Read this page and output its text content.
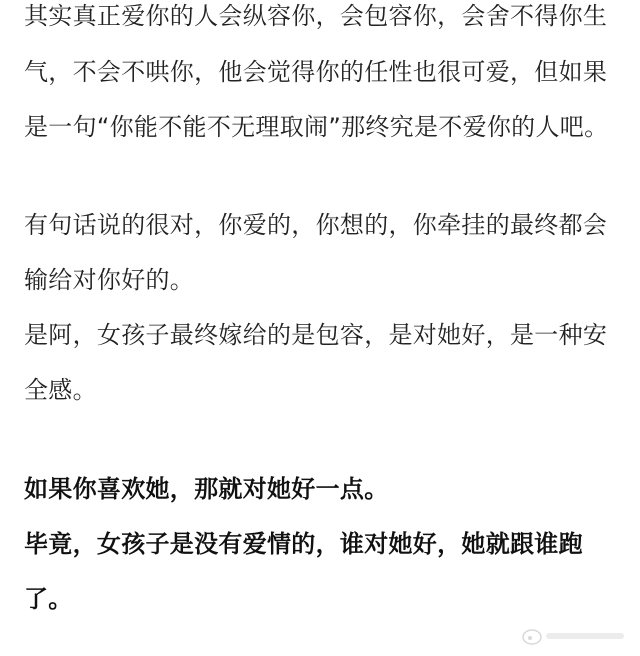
其实真正爱你的人会纵容你，会包容你，会舍不得你生
气，不会不哄你，他会觉得你的任性也很可爱，但如果
是一句“你能不能不无理取闹”那终究是不爱你的人吧。
有句话说的很对，你爱的，你想的，你牵挂的最终都会
输给对你好的。
是阿，女孩子最终嫁给的是包容，是对她好，是一种安
全感。
如果你喜欢她，那就对她好一点。
毕竟，女孩子是没有爱情的，谁对她好，她就跟谁跑
了。
